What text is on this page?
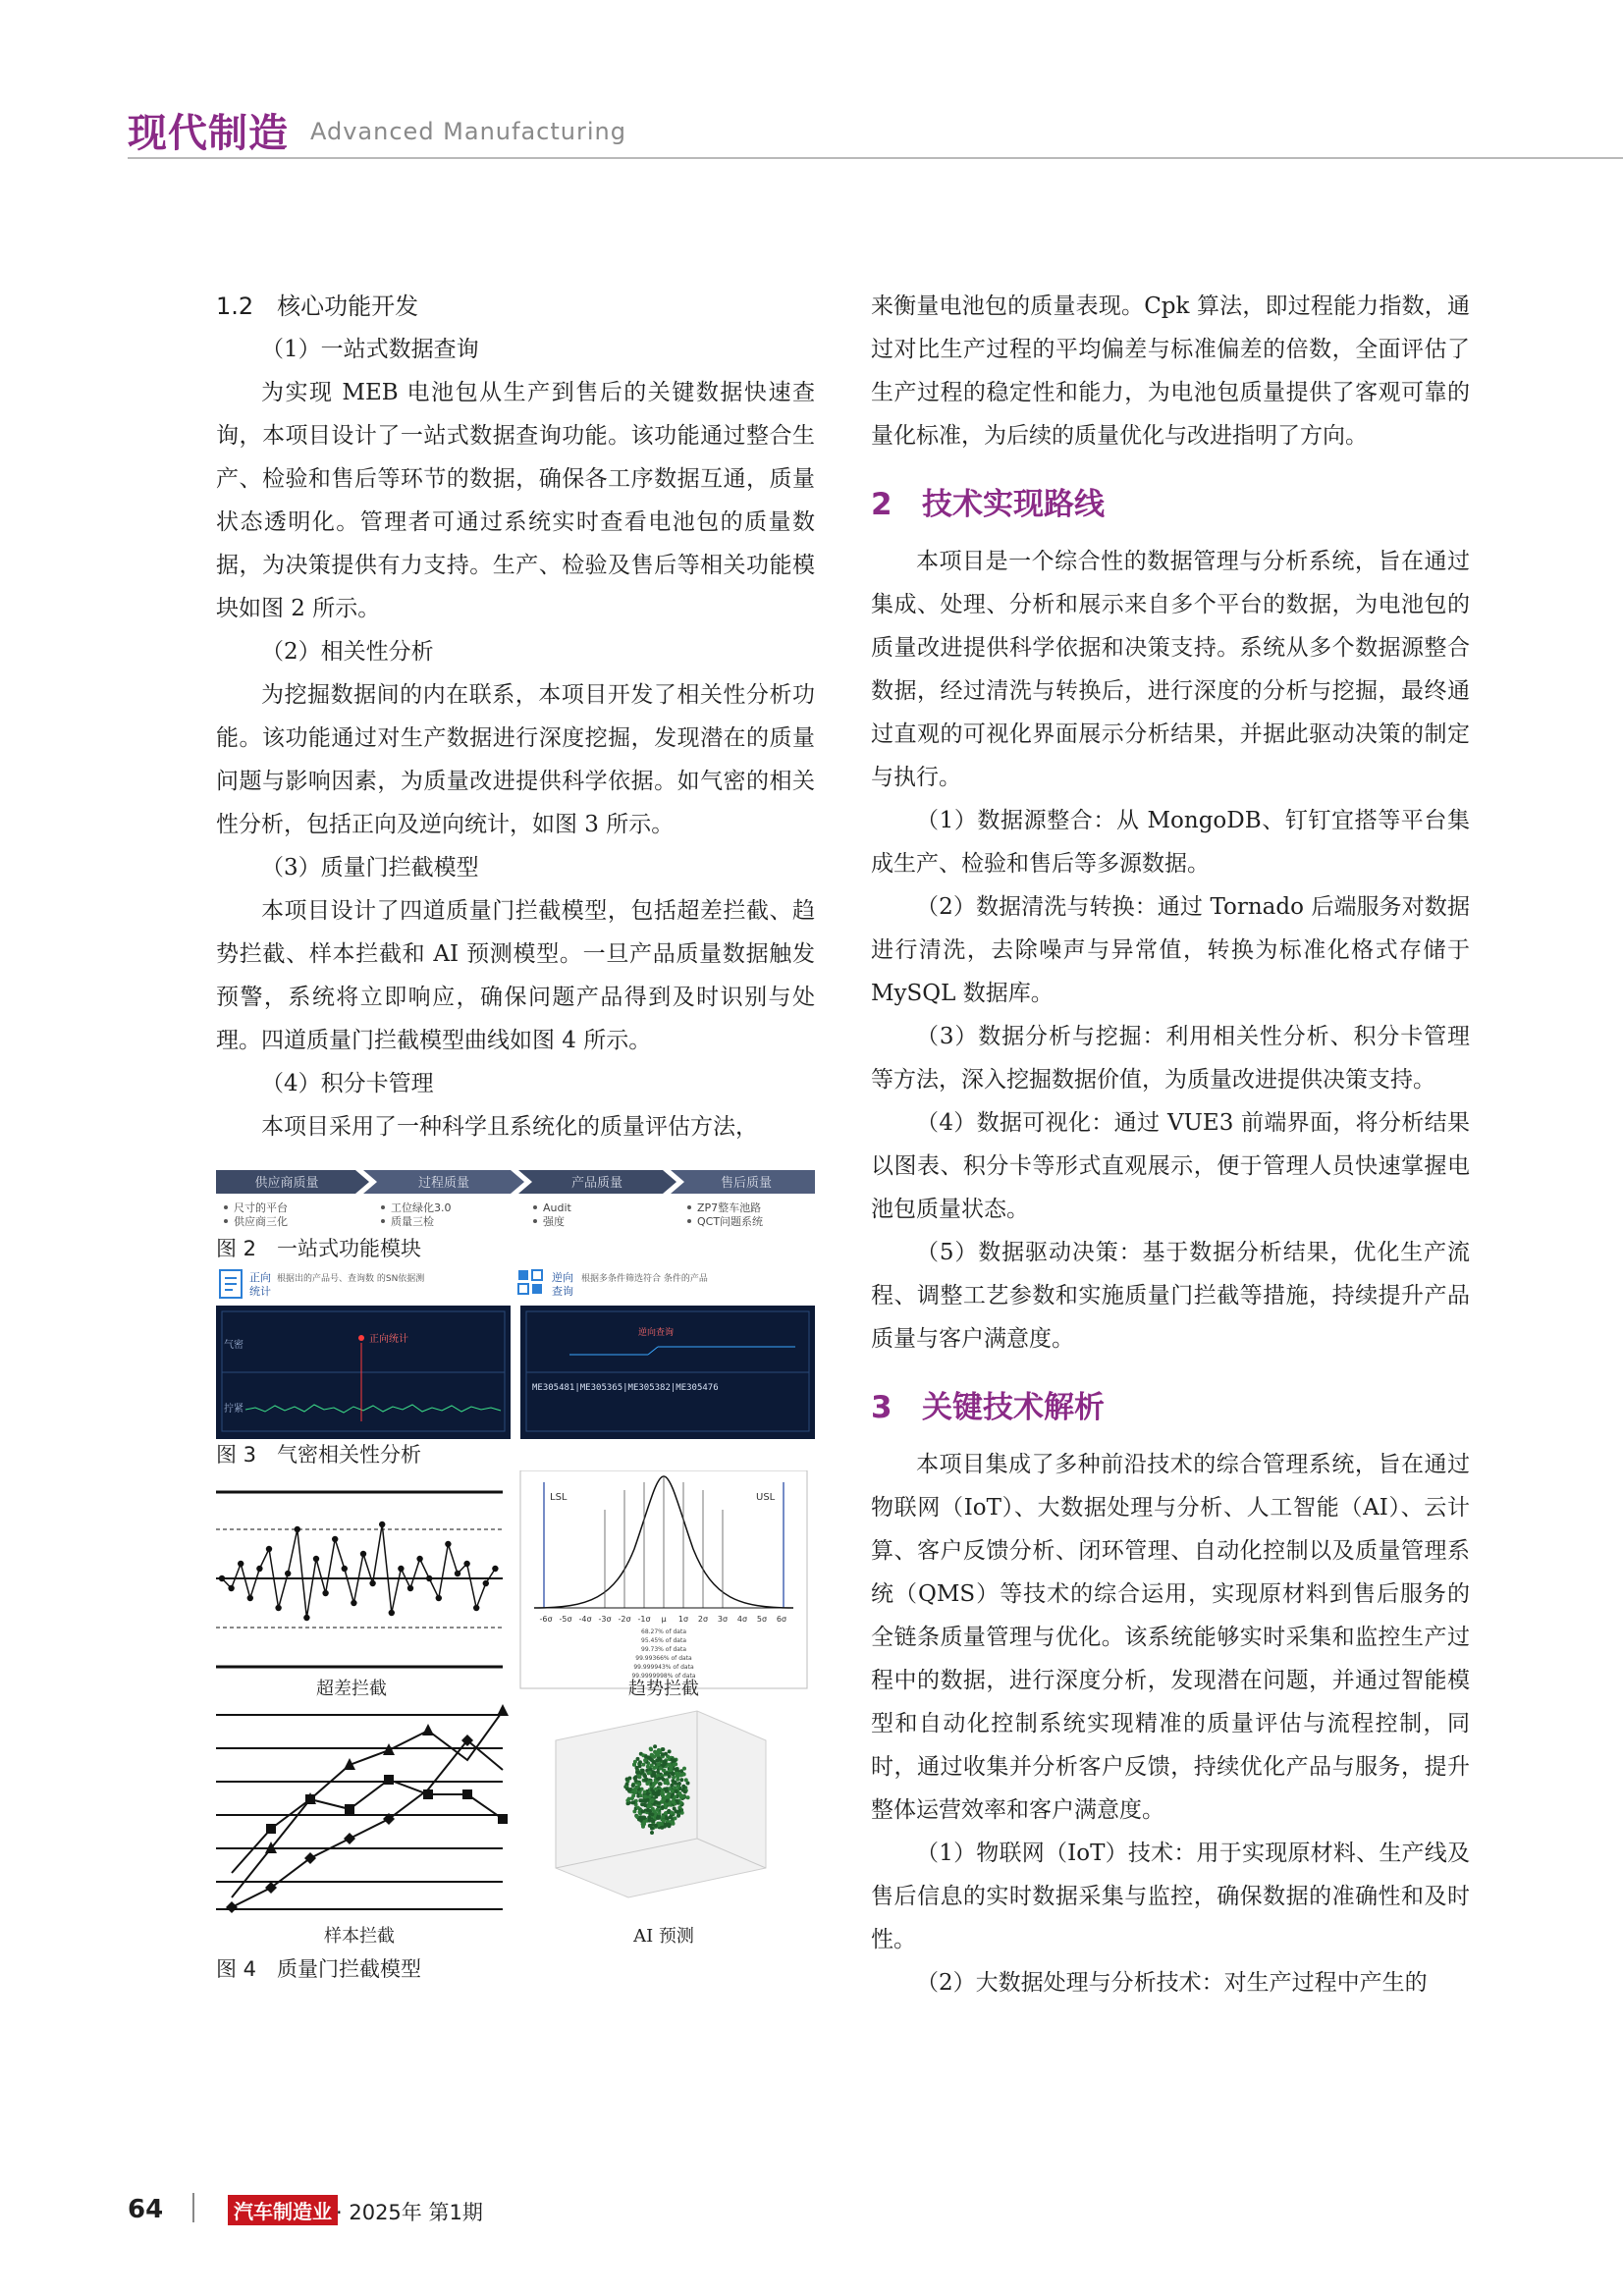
现代制造 Advanced Manufacturing

1.2　核心功能开发

（1）一站式数据查询

为实现 MEB 电池包从生产到售后的关键数据快速查询，本项目设计了一站式数据查询功能。该功能通过整合生产、检验和售后等环节的数据，确保各工序数据互通，质量状态透明化。管理者可通过系统实时查看电池包的质量数据，为决策提供有力支持。生产、检验及售后等相关功能模块如图 2 所示。

（2）相关性分析

为挖掘数据间的内在联系，本项目开发了相关性分析功能。该功能通过对生产数据进行深度挖掘，发现潜在的质量问题与影响因素，为质量改进提供科学依据。如气密的相关性分析，包括正向及逆向统计，如图 3 所示。

（3）质量门拦截模型

本项目设计了四道质量门拦截模型，包括超差拦截、趋势拦截、样本拦截和 AI 预测模型。一旦产品质量数据触发预警，系统将立即响应，确保问题产品得到及时识别与处理。四道质量门拦截模型曲线如图 4 所示。

（4）积分卡管理

本项目采用了一种科学且系统化的质量评估方法，

供应商质量	过程质量	产品质量	售后质量
尺寸的平台
供应商三化
工位绿化3.0
质量三检
Audit
强度
ZP7整车池路
QCT问题系统

图 2　一站式功能模块

正向
统计
根据出的产品号、查询数 的SN依据测	逆向
查询
根据多条件筛选符合 条件的产品
气密
拧紧
正向统计
逆向查询
ME305481|ME305365|ME305382|ME305476

图 3　气密相关性分析

LSL	USL
-6σ -5σ -4σ -3σ -2σ -1σ μ 1σ 2σ 3σ 4σ 5σ 6σ
68.27% of data
95.45% of data
99.73% of data
99.99366% of data
99.999943% of data
99.9999998% of data
超差拦截	趋势拦截
样本拦截	AI 预测

图 4　质量门拦截模型

来衡量电池包的质量表现。Cpk 算法，即过程能力指数，通过对比生产过程的平均偏差与标准偏差的倍数，全面评估了生产过程的稳定性和能力，为电池包质量提供了客观可靠的量化标准，为后续的质量优化与改进指明了方向。

2 技术实现路线

本项目是一个综合性的数据管理与分析系统，旨在通过集成、处理、分析和展示来自多个平台的数据，为电池包的质量改进提供科学依据和决策支持。系统从多个数据源整合数据，经过清洗与转换后，进行深度的分析与挖掘，最终通过直观的可视化界面展示分析结果，并据此驱动决策的制定与执行。

（1）数据源整合：从 MongoDB、钉钉宜搭等平台集成生产、检验和售后等多源数据。

（2）数据清洗与转换：通过 Tornado 后端服务对数据进行清洗，去除噪声与异常值，转换为标准化格式存储于 MySQL 数据库。

（3）数据分析与挖掘：利用相关性分析、积分卡管理等方法，深入挖掘数据价值，为质量改进提供决策支持。

（4）数据可视化：通过 VUE3 前端界面，将分析结果以图表、积分卡等形式直观展示，便于管理人员快速掌握电池包质量状态。

（5）数据驱动决策：基于数据分析结果，优化生产流程、调整工艺参数和实施质量门拦截等措施，持续提升产品质量与客户满意度。

3 关键技术解析

本项目集成了多种前沿技术的综合管理系统，旨在通过物联网（IoT）、大数据处理与分析、人工智能（AI）、云计算、客户反馈分析、闭环管理、自动化控制以及质量管理系统（QMS）等技术的综合运用，实现原材料到售后服务的全链条质量管理与优化。该系统能够实时采集和监控生产过程中的数据，进行深度分析，发现潜在问题，并通过智能模型和自动化控制系统实现精准的质量评估与流程控制，同时，通过收集并分析客户反馈，持续优化产品与服务，提升整体运营效率和客户满意度。

（1）物联网（IoT）技术：用于实现原材料、生产线及售后信息的实时数据采集与监控，确保数据的准确性和及时性。

（2）大数据处理与分析技术：对生产过程中产生的

64	汽车制造业 · 2025年 第1期
